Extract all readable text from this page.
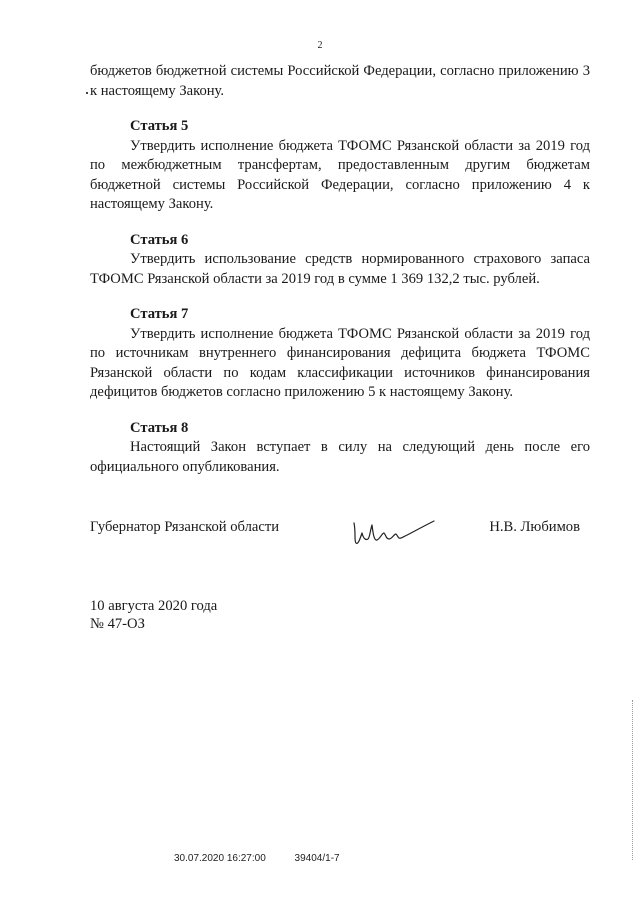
2

бюджетов бюджетной системы Российской Федерации, согласно приложению 3 к настоящему Закону.

Статья 5

Утвердить исполнение бюджета ТФОМС Рязанской области за 2019 год по межбюджетным трансфертам, предоставленным другим бюджетам бюджетной системы Российской Федерации, согласно приложению 4 к настоящему Закону.

Статья 6

Утвердить использование средств нормированного страхового запаса ТФОМС Рязанской области за 2019 год в сумме 1 369 132,2 тыс. рублей.

Статья 7

Утвердить исполнение бюджета ТФОМС Рязанской области за 2019 год по источникам внутреннего финансирования дефицита бюджета ТФОМС Рязанской области по кодам классификации источников финансирования дефицитов бюджетов согласно приложению 5 к настоящему Закону.

Статья 8

Настоящий Закон вступает в силу на следующий день после его официального опубликования.

Губернатор Рязанской области	Н.В. Любимов
10 августа 2020 года
№ 47-ОЗ
30.07.2020 16:27:00	39404/1-7
